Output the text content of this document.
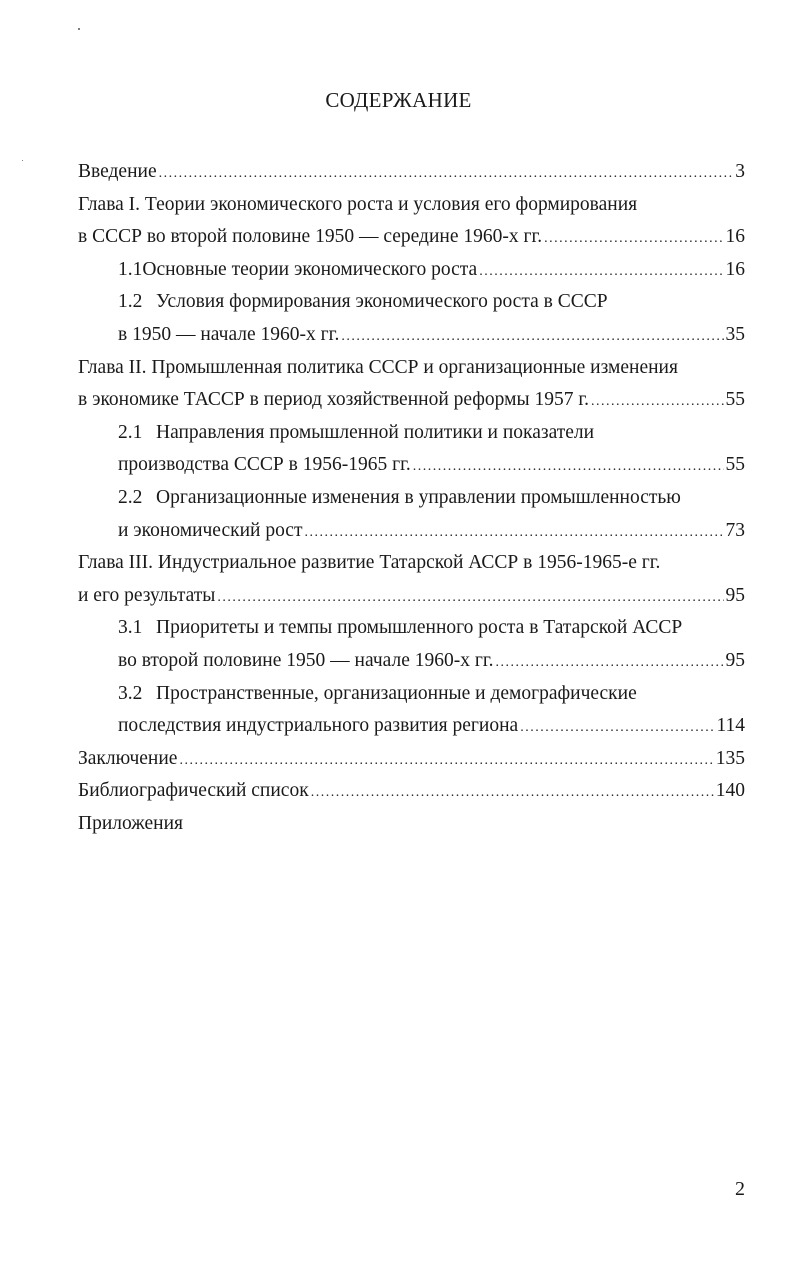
СОДЕРЖАНИЕ
Введение .....	3
Глава I. Теории экономического роста и условия его формирования
в СССР во второй половине 1950 — середине 1960-х гг. .....	16
1.1 Основные теории экономического роста .....	16
1.2 Условия формирования экономического роста в СССР
в 1950 — начале 1960-х гг. .....	35
Глава II. Промышленная политика СССР и организационные изменения
в экономике ТАССР в период хозяйственной реформы 1957 г. .....	55
2.1 Направления промышленной политики и показатели
производства СССР в 1956-1965 гг. .....	55
2.2 Организационные изменения в управлении промышленностью
и экономический рост .....	73
Глава III. Индустриальное развитие Татарской АССР в 1956-1965-е гг.
и его результаты .....	95
3.1 Приоритеты и темпы промышленного роста в Татарской АССР
во второй половине 1950 — начале 1960-х гг. .....	95
3.2 Пространственные, организационные и демографические
последствия индустриального развития региона .....	114
Заключение .....	135
Библиографический список .....	140
Приложения
2
